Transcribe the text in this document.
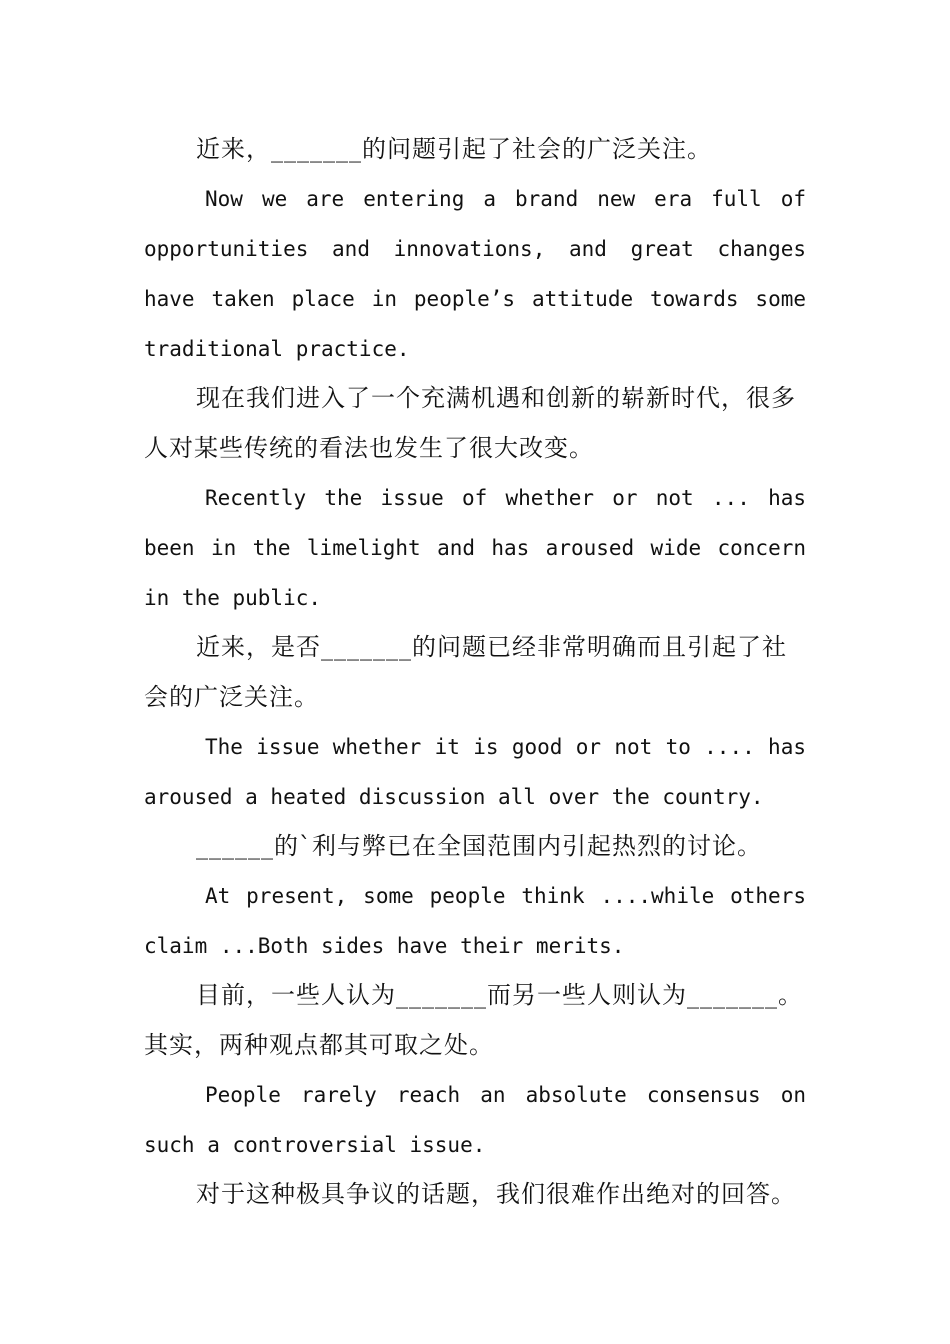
近来，_______的问题引起了社会的广泛关注。

Now we are entering a brand new era full of opportunities and innovations, and great changes have taken place in people’s attitude towards some traditional practice.

现在我们进入了一个充满机遇和创新的崭新时代，很多人对某些传统的看法也发生了很大改变。

Recently the issue of whether or not ... has been in the limelight and has aroused wide concern in the public.

近来，是否_______的问题已经非常明确而且引起了社会的广泛关注。

The issue whether it is good or not to .... has aroused a heated discussion all over the country.

______的`利与弊已在全国范围内引起热烈的讨论。

At present, some people think ....while others claim ...Both sides have their merits.

目前，一些人认为_______而另一些人则认为_______。其实，两种观点都其可取之处。

People rarely reach an absolute consensus on such a controversial issue.

对于这种极具争议的话题，我们很难作出绝对的回答。
